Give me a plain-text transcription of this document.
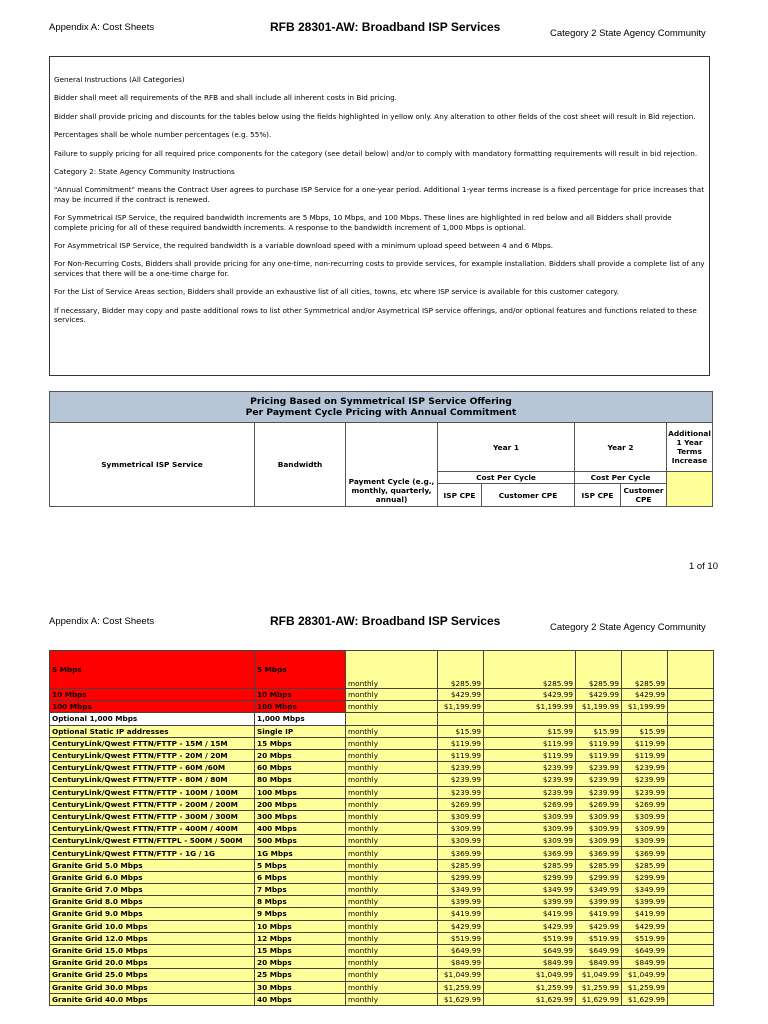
Appendix A: Cost Sheets	RFB 28301-AW: Broadband ISP Services	Category 2 State Agency Community

General Instructions (All Categories)

Bidder shall meet all requirements of the RFB and shall include all inherent costs in Bid pricing.

Bidder shall provide pricing and discounts for the tables below using the fields highlighted in yellow only. Any alteration to other fields of the cost sheet will result in Bid rejection.

Percentages shall be whole number percentages (e.g. 55%).

Failure to supply pricing for all required price components for the category (see detail below) and/or to comply with mandatory formatting requirements will result in bid rejection.

Category 2: State Agency Community Instructions

"Annual Commitment" means the Contract User agrees to purchase ISP Service for a one-year period. Additional 1-year terms increase is a fixed percentage for price increases that may be incurred if the contract is renewed.

For Symmetrical ISP Service, the required bandwidth increments are 5 Mbps, 10 Mbps, and 100 Mbps. These lines are highlighted in red below and all Bidders shall provide complete pricing for all of these required bandwidth increments. A response to the bandwidth increment of 1,000 Mbps is optional.

For Asymmetrical ISP Service, the required bandwidth is a variable download speed with a minimum upload speed between 4 and 6 Mbps.

For Non-Recurring Costs, Bidders shall provide pricing for any one-time, non-recurring costs to provide services, for example installation. Bidders shall provide a complete list of any services that there will be a one-time charge for.

For the List of Service Areas section, Bidders shall provide an exhaustive list of all cities, towns, etc where ISP service is available for this customer category.

If necessary, Bidder may copy and paste additional rows to list other Symmetrical and/or Asymetrical ISP service offerings, and/or optional features and functions related to these services.

Pricing Based on Symmetrical ISP Service Offering
Per Payment Cycle Pricing with Annual Commitment							

Symmetrical ISP Service	Bandwidth	Payment Cycle (e.g., monthly, quarterly, annual)	Year 1		Year 2		Additional 1 Year Terms Increase
			Cost Per Cycle		Cost Per Cycle		
			ISP CPE	Customer CPE	ISP CPE	Customer CPE	
1 of 10
Appendix A: Cost Sheets	RFB 28301-AW: Broadband ISP Services	Category 2 State Agency Community
5 Mbps	5 Mbps	monthly	$285.99	$285.99	$285.99	$285.99	
10 Mbps	10 Mbps	monthly	$429.99	$429.99	$429.99	$429.99	
100 Mbps	100 Mbps	monthly	$1,199.99	$1,199.99	$1,199.99	$1,199.99	
Optional 1,000 Mbps	1,000 Mbps						
Optional Static IP addresses	Single IP	monthly	$15.99	$15.99	$15.99	$15.99	
CenturyLink/Qwest FTTN/FTTP - 15M / 15M	15 Mbps	monthly	$119.99	$119.99	$119.99	$119.99	
CenturyLink/Qwest FTTN/FTTP - 20M / 20M	20 Mbps	monthly	$119.99	$119.99	$119.99	$119.99	
CenturyLink/Qwest FTTN/FTTP - 60M /60M	60 Mbps	monthly	$239.99	$239.99	$239.99	$239.99	
CenturyLink/Qwest FTTN/FTTP - 80M / 80M	80 Mbps	monthly	$239.99	$239.99	$239.99	$239.99	
CenturyLink/Qwest FTTN/FTTP - 100M / 100M	100 Mbps	monthly	$239.99	$239.99	$239.99	$239.99	
CenturyLink/Qwest FTTN/FTTP - 200M / 200M	200 Mbps	monthly	$269.99	$269.99	$269.99	$269.99	
CenturyLink/Qwest FTTN/FTTP - 300M / 300M	300 Mbps	monthly	$309.99	$309.99	$309.99	$309.99	
CenturyLink/Qwest FTTN/FTTP - 400M / 400M	400 Mbps	monthly	$309.99	$309.99	$309.99	$309.99	
CenturyLink/Qwest FTTN/FTTPL - 500M / 500M	500 Mbps	monthly	$309.99	$309.99	$309.99	$309.99	
CenturyLink/Qwest FTTN/FTTP - 1G / 1G	1G Mbps	monthly	$369.99	$369.99	$369.99	$369.99	
Granite Grid 5.0 Mbps	5 Mbps	monthly	$285.99	$285.99	$285.99	$285.99	
Granite Grid 6.0 Mbps	6 Mbps	monthly	$299.99	$299.99	$299.99	$299.99	
Granite Grid 7.0 Mbps	7 Mbps	monthly	$349.99	$349.99	$349.99	$349.99	
Granite Grid 8.0 Mbps	8 Mbps	monthly	$399.99	$399.99	$399.99	$399.99	
Granite Grid 9.0 Mbps	9 Mbps	monthly	$419.99	$419.99	$419.99	$419.99	
Granite Grid 10.0 Mbps	10 Mbps	monthly	$429.99	$429.99	$429.99	$429.99	
Granite Grid 12.0 Mbps	12 Mbps	monthly	$519.99	$519.99	$519.99	$519.99	
Granite Grid 15.0 Mbps	15 Mbps	monthly	$649.99	$649.99	$649.99	$649.99	
Granite Grid 20.0 Mbps	20 Mbps	monthly	$849.99	$849.99	$849.99	$849.99	
Granite Grid 25.0 Mbps	25 Mbps	monthly	$1,049.99	$1,049.99	$1,049.99	$1,049.99	
Granite Grid 30.0 Mbps	30 Mbps	monthly	$1,259.99	$1,259.99	$1,259.99	$1,259.99	
Granite Grid 40.0 Mbps	40 Mbps	monthly	$1,629.99	$1,629.99	$1,629.99	$1,629.99	
